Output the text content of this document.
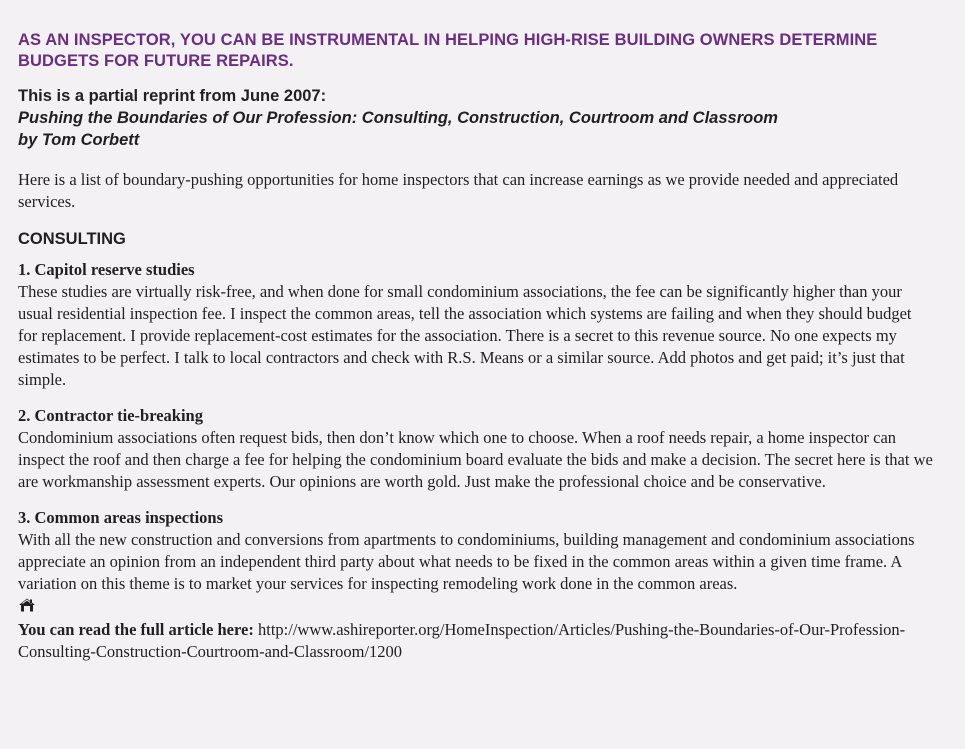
AS AN INSPECTOR, YOU CAN BE INSTRUMENTAL IN HELPING HIGH-RISE BUILDING OWNERS DETERMINE BUDGETS FOR FUTURE REPAIRS.

This is a partial reprint from June 2007:
Pushing the Boundaries of Our Profession: Consulting, Construction, Courtroom and Classroom
by Tom Corbett

Here is a list of boundary-pushing opportunities for home inspectors that can increase earnings as we provide needed and appreciated services.

CONSULTING
1. Capitol reserve studies
These studies are virtually risk-free, and when done for small condominium associations, the fee can be significantly higher than your usual residential inspection fee. I inspect the common areas, tell the association which systems are failing and when they should budget for replacement. I provide replacement-cost estimates for the association. There is a secret to this revenue source. No one expects my estimates to be perfect. I talk to local contractors and check with R.S. Means or a similar source. Add photos and get paid; it’s just that simple.
2. Contractor tie-breaking
Condominium associations often request bids, then don’t know which one to choose. When a roof needs repair, a home inspector can inspect the roof and then charge a fee for helping the condominium board evaluate the bids and make a decision. The secret here is that we are workmanship assessment experts. Our opinions are worth gold. Just make the professional choice and be conservative.
3. Common areas inspections
With all the new construction and conversions from apartments to condominiums, building management and condominium associations appreciate an opinion from an independent third party about what needs to be fixed in the common areas within a given time frame. A variation on this theme is to market your services for inspecting remodeling work done in the common areas.

You can read the full article here: http://www.ashireporter.org/HomeInspection/Articles/Pushing-the-Boundaries-of-Our-Profession-Consulting-Construction-Courtroom-and-Classroom/1200
